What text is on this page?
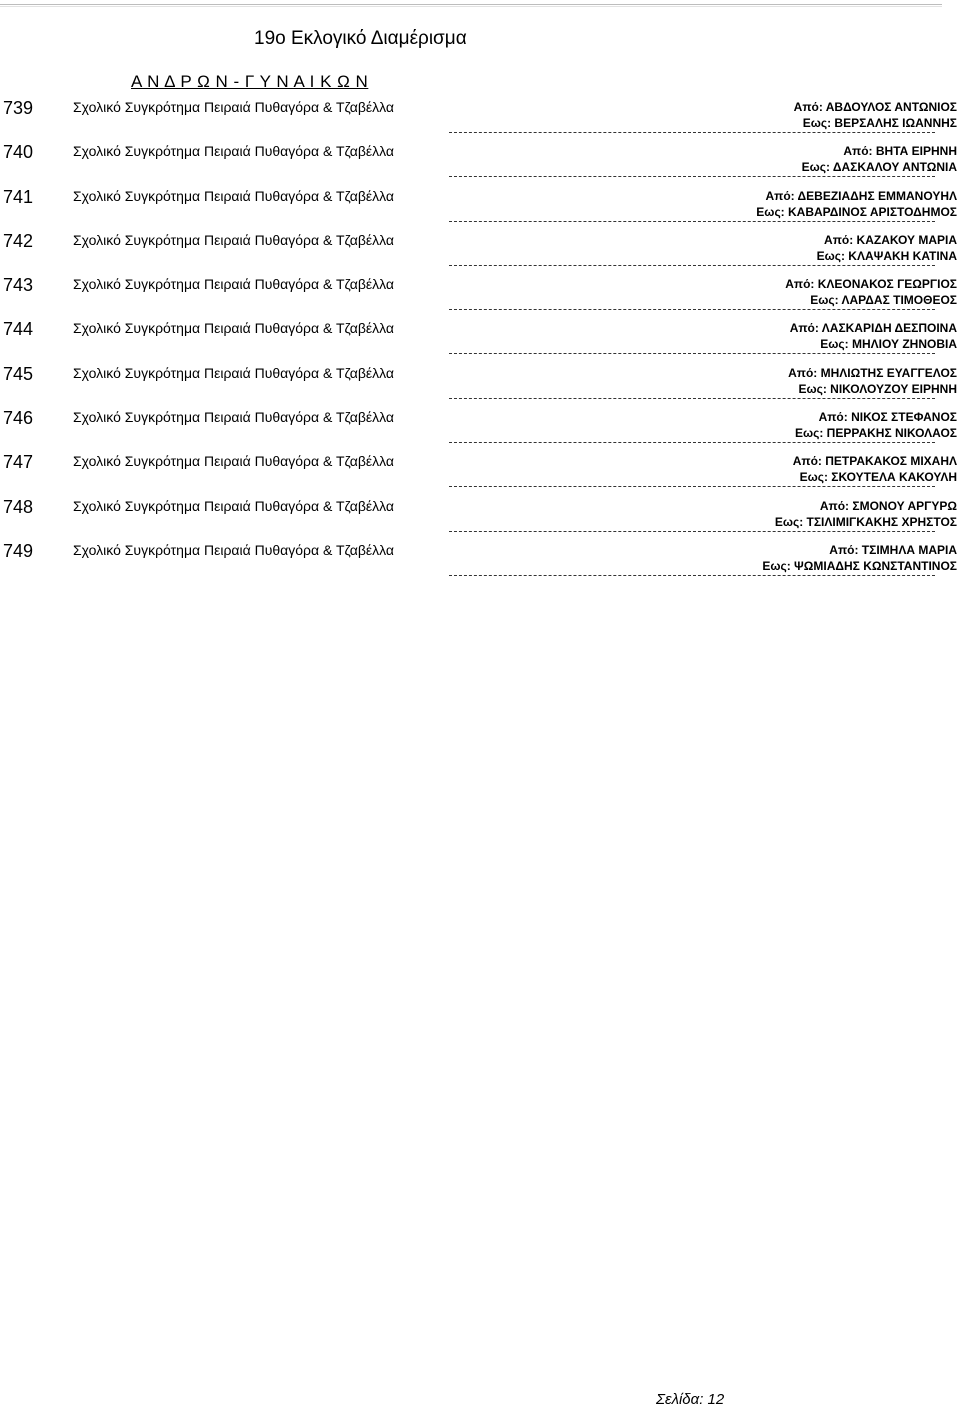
19ο Εκλογικό Διαμέρισμα
Α Ν Δ Ρ Ω Ν - Γ Υ Ν Α Ι Κ Ω Ν
739	Σχολικό Συγκρότημα Πειραιά Πυθαγόρα & Τζαβέλλα	Από: ΑΒΔΟΥΛΟΣ ΑΝΤΩΝΙΟΣ
Εως: ΒΕΡΣΑΛΗΣ ΙΩΑΝΝΗΣ
740	Σχολικό Συγκρότημα Πειραιά Πυθαγόρα & Τζαβέλλα	Από: ΒΗΤΑ ΕΙΡΗΝΗ
Εως: ΔΑΣΚΑΛΟΥ ΑΝΤΩΝΙΑ
741	Σχολικό Συγκρότημα Πειραιά Πυθαγόρα & Τζαβέλλα	Από: ΔΕΒΕΖΙΑΔΗΣ ΕΜΜΑΝΟΥΗΛ
Εως: ΚΑΒΑΡΔΙΝΟΣ ΑΡΙΣΤΟΔΗΜΟΣ
742	Σχολικό Συγκρότημα Πειραιά Πυθαγόρα & Τζαβέλλα	Από: ΚΑΖΑΚΟΥ ΜΑΡΙΑ
Εως: ΚΛΑΨΑΚΗ ΚΑΤΙΝΑ
743	Σχολικό Συγκρότημα Πειραιά Πυθαγόρα & Τζαβέλλα	Από: ΚΛΕΟΝΑΚΟΣ ΓΕΩΡΓΙΟΣ
Εως: ΛΑΡΔΑΣ ΤΙΜΟΘΕΟΣ
744	Σχολικό Συγκρότημα Πειραιά Πυθαγόρα & Τζαβέλλα	Από: ΛΑΣΚΑΡΙΔΗ ΔΕΣΠΟΙΝΑ
Εως: ΜΗΛΙΟΥ ΖΗΝΟΒΙΑ
745	Σχολικό Συγκρότημα Πειραιά Πυθαγόρα & Τζαβέλλα	Από: ΜΗΛΙΩΤΗΣ ΕΥΑΓΓΕΛΟΣ
Εως: ΝΙΚΟΛΟΥΖΟΥ ΕΙΡΗΝΗ
746	Σχολικό Συγκρότημα Πειραιά Πυθαγόρα & Τζαβέλλα	Από: ΝΙΚΟΣ ΣΤΕΦΑΝΟΣ
Εως: ΠΕΡΡΑΚΗΣ ΝΙΚΟΛΑΟΣ
747	Σχολικό Συγκρότημα Πειραιά Πυθαγόρα & Τζαβέλλα	Από: ΠΕΤΡΑΚΑΚΟΣ ΜΙΧΑΗΛ
Εως: ΣΚΟΥΤΕΛΑ ΚΑΚΟΥΛΗ
748	Σχολικό Συγκρότημα Πειραιά Πυθαγόρα & Τζαβέλλα	Από: ΣΜΟΝΟΥ ΑΡΓΥΡΩ
Εως: ΤΣΙΛΙΜΙΓΚΑΚΗΣ ΧΡΗΣΤΟΣ
749	Σχολικό Συγκρότημα Πειραιά Πυθαγόρα & Τζαβέλλα	Από: ΤΣΙΜΗΛΑ ΜΑΡΙΑ
Εως: ΨΩΜΙΑΔΗΣ ΚΩΝΣΤΑΝΤΙΝΟΣ
Σελίδα: 12
